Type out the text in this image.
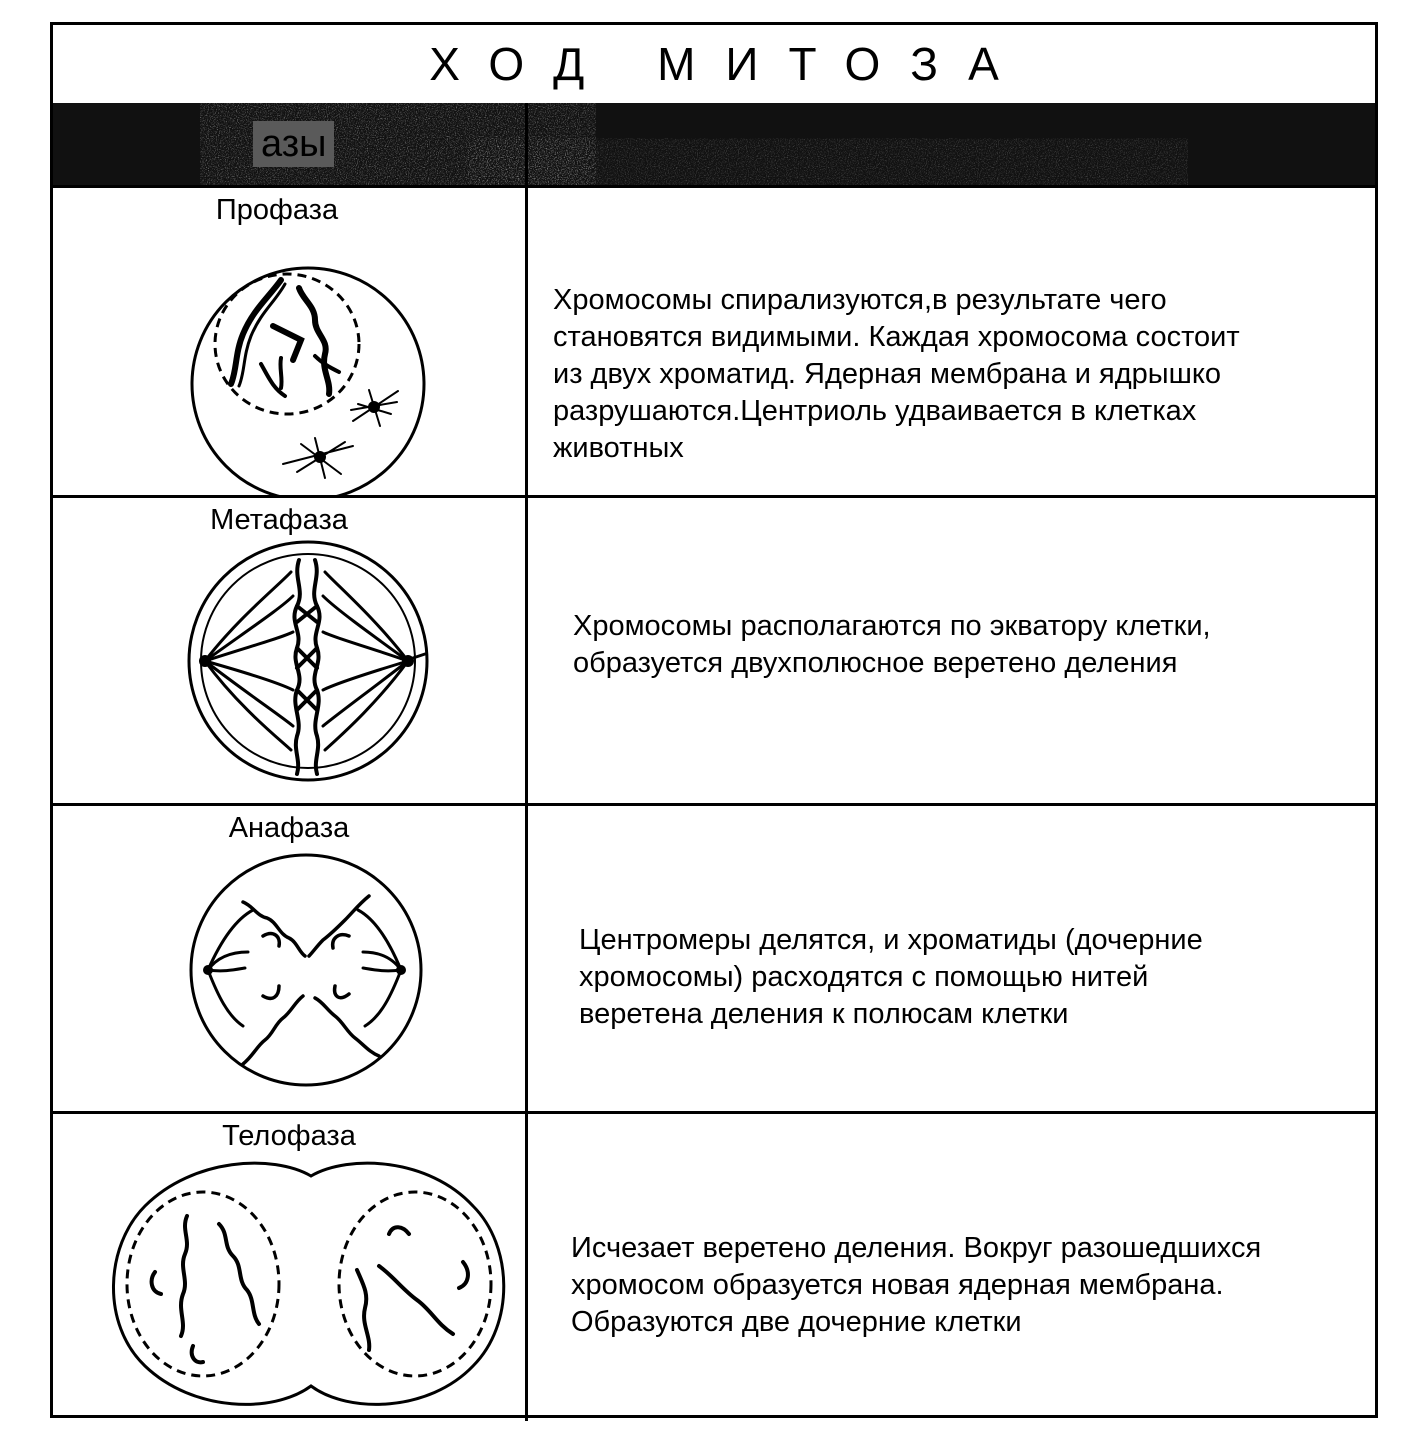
ХОД МИТОЗА
азы
Профаза
Хромосомы спирализуются,в результате чего
становятся видимыми. Каждая хромосома состоит
из двух хроматид. Ядерная мембрана и ядрышко
разрушаются.Центриоль удваивается в клетках
животных
Метафаза
Хромосомы располагаются по экватору клетки,
образуется двухполюсное веретено деления
Анафаза
Центромеры делятся, и хроматиды (дочерние
хромосомы) расходятся с помощью нитей
веретена деления к полюсам клетки
Телофаза
Исчезает веретено деления. Вокруг разошедшихся
хромосом образуется новая ядерная мембрана.
Образуются две дочерние клетки
